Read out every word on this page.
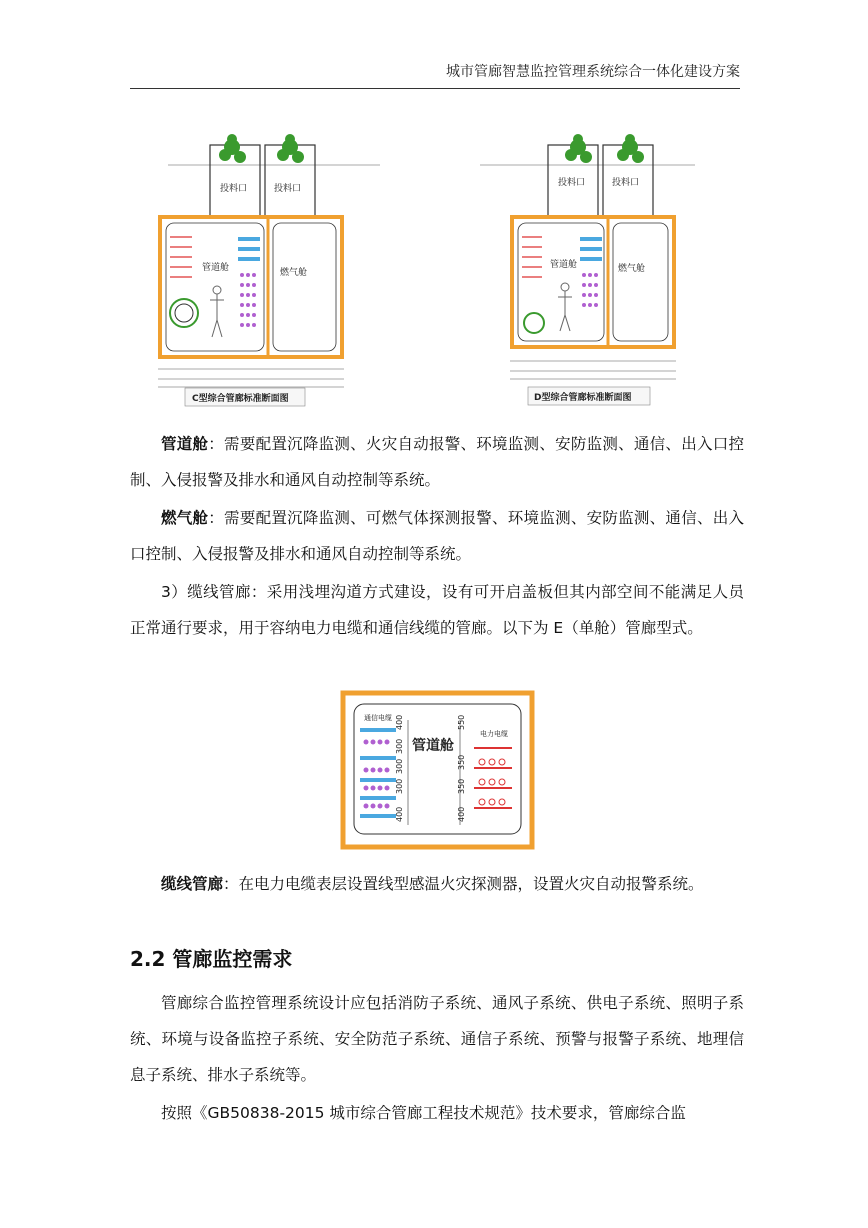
城市管廊智慧监控管理系统综合一体化建设方案
投料口	投料口
管道舱	燃气舱
C型综合管廊标准断面图
投料口	投料口
管道舱	燃气舱
D型综合管廊标准断面图
管道舱：需要配置沉降监测、火灾自动报警、环境监测、安防监测、通信、出入口控制、入侵报警及排水和通风自动控制等系统。
燃气舱：需要配置沉降监测、可燃气体探测报警、环境监测、安防监测、通信、出入口控制、入侵报警及排水和通风自动控制等系统。
3）缆线管廊：采用浅埋沟道方式建设，设有可开启盖板但其内部空间不能满足人员正常通行要求，用于容纳电力电缆和通信线缆的管廊。以下为 E（单舱）管廊型式。
通信电缆
电力电缆
管道舱
400
300
300
300
400
550
350
350
400
缆线管廊：在电力电缆表层设置线型感温火灾探测器，设置火灾自动报警系统。
2.2 管廊监控需求
管廊综合监控管理系统设计应包括消防子系统、通风子系统、供电子系统、照明子系统、环境与设备监控子系统、安全防范子系统、通信子系统、预警与报警子系统、地理信息子系统、排水子系统等。
按照《GB50838-2015 城市综合管廊工程技术规范》技术要求，管廊综合监
